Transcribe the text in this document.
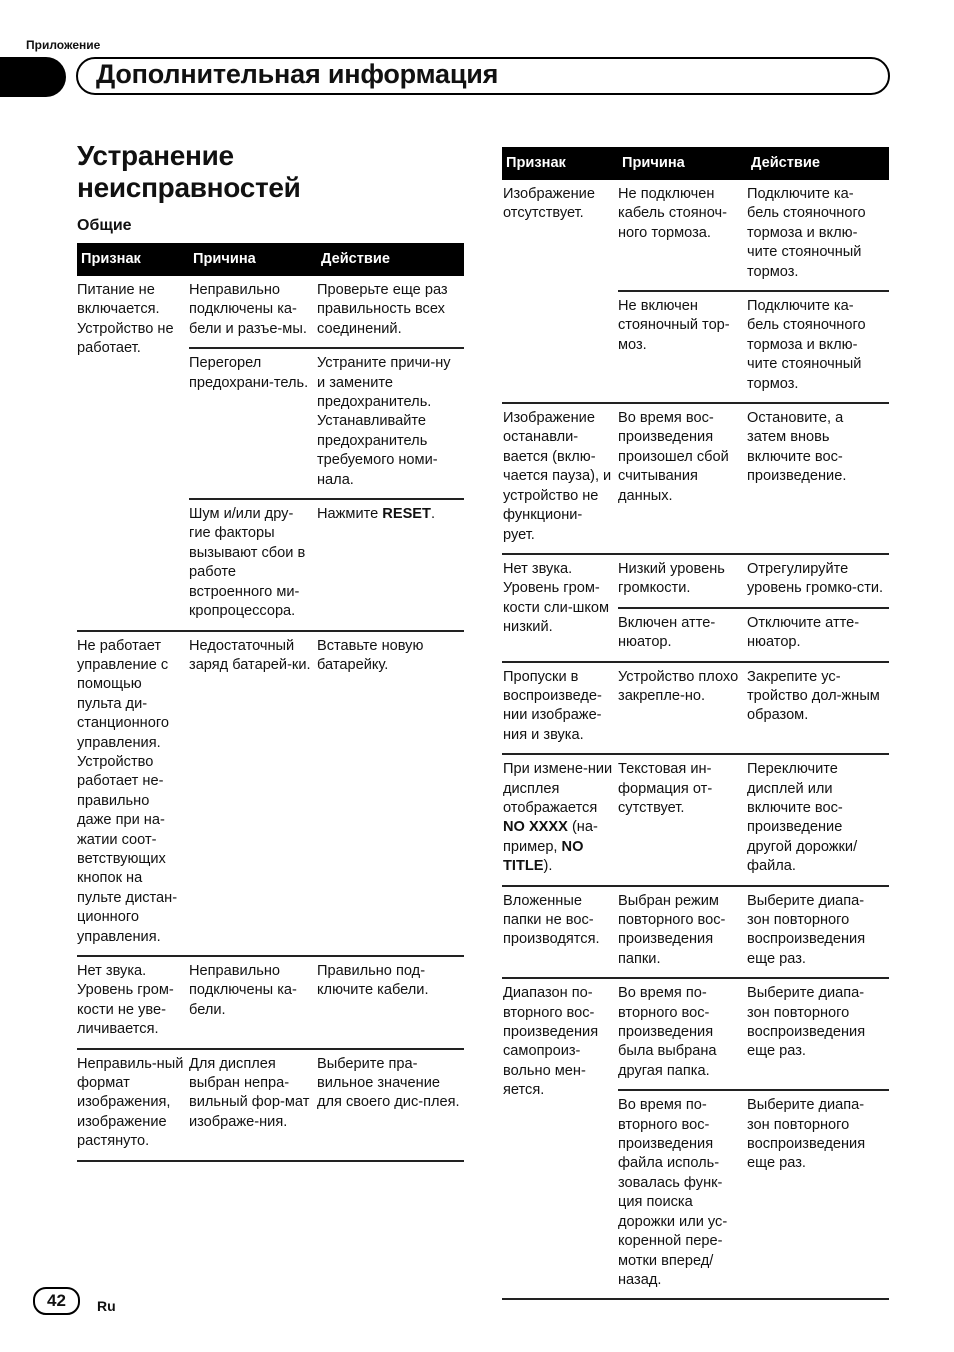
Приложение
Дополнительная информация
Устранение
неисправностей
Общие
Признак	Причина	Действие
Питание не включается. Устройство не работает.	Неправильно подключены ка-бели и разъе-мы.	Проверьте еще раз правильность всех соединений.
	Перегорел предохрани-тель.	Устраните причи-ну и замените предохранитель. Устанавливайте предохранитель требуемого номи-нала.
	Шум и/или дру-гие факторы вызывают сбои в работе встроенного ми-кропроцессора.	Нажмите RESET.
Не работает управление с помощью пульта ди-станционного управления. Устройство работает не-правильно даже при на-жатии соот-ветствующих кнопок на пульте дистан-ционного управления.	Недостаточный заряд батарей-ки.	Вставьте новую батарейку.
Нет звука. Уровень гром-кости не уве-личивается.	Неправильно подключены ка-бели.	Правильно под-ключите кабели.
Неправиль-ный формат изображения, изображение растянуто.	Для дисплея выбран непра-вильный фор-мат изображе-ния.	Выберите пра-вильное значение для своего дис-плея.
Признак	Причина	Действие
Изображение отсутствует.	Не подключен кабель стояноч-ного тормоза.	Подключите ка-бель стояночного тормоза и вклю-чите стояночный тормоз.
	Не включен стояночный тор-моз.	Подключите ка-бель стояночного тормоза и вклю-чите стояночный тормоз.
Изображение останавли-вается (вклю-чается пауза), и устройство не функциони-рует.	Во время вос-произведения произошел сбой считывания данных.	Остановите, а затем вновь включите вос-произведение.
Нет звука. Уровень гром-кости сли-шком низкий.	Низкий уровень громкости.	Отрегулируйте уровень громко-сти.
	Включен атте-нюатор.	Отключите атте-нюатор.
Пропуски в воспроизведе-нии изображе-ния и звука.	Устройство плохо закрепле-но.	Закрепите ус-тройство дол-жным образом.
При измене-нии дисплея отображается NO XXXX (на-пример, NO TITLE).	Текстовая ин-формация от-сутствует.	Переключите дисплей или включите вос-произведение другой дорожки/ файла.
Вложенные папки не вос-производятся.	Выбран режим повторного вос-произведения папки.	Выберите диапа-зон повторного воспроизведения еще раз.
Диапазон по-вторного вос-произведения самопроиз-вольно мен-яется.	Во время по-вторного вос-произведения была выбрана другая папка.	Выберите диапа-зон повторного воспроизведения еще раз.
	Во время по-вторного вос-произведения файла исполь-зовалась функ-ция поиска дорожки или ус-коренной пере-мотки вперед/ назад.	Выберите диапа-зон повторного воспроизведения еще раз.
42	Ru
